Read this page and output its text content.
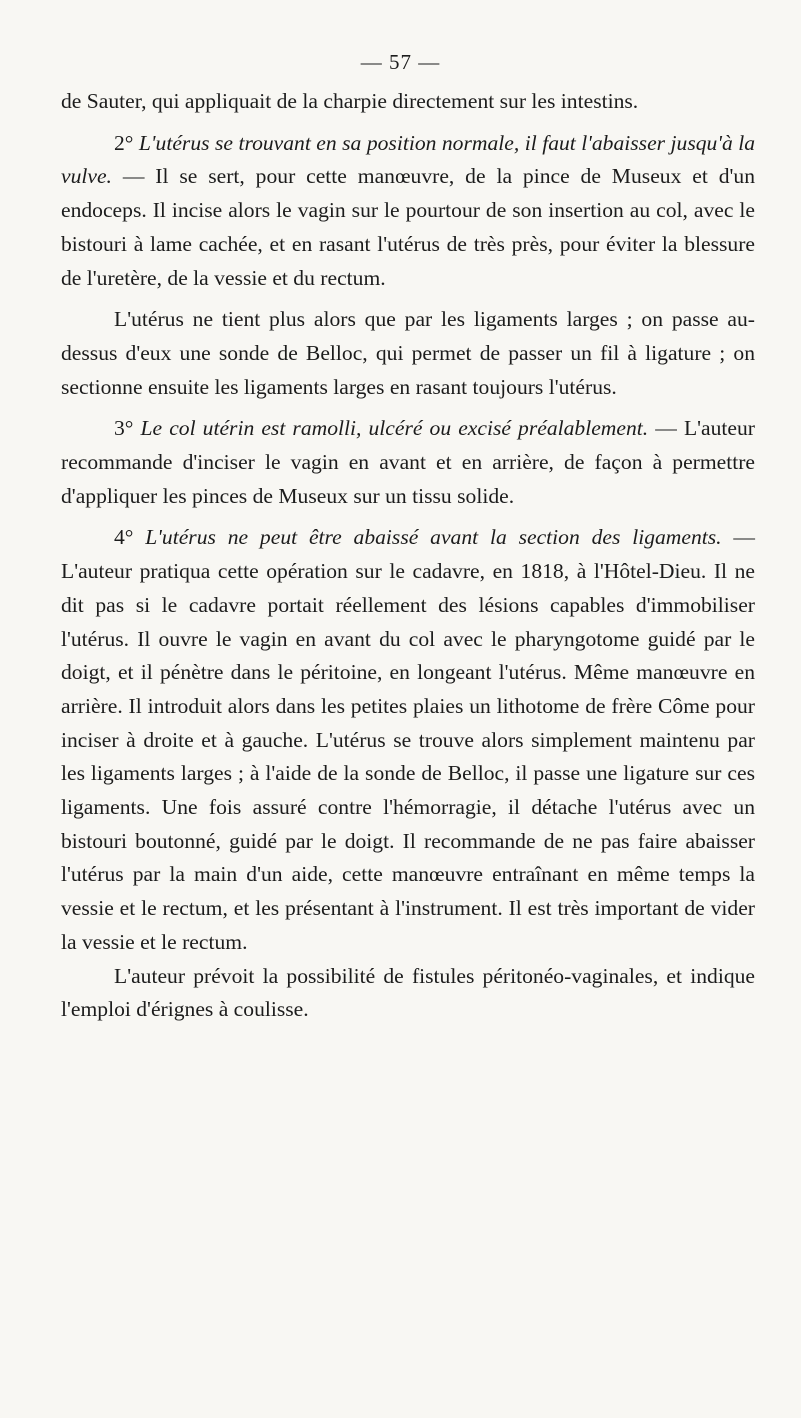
— 57 —

de Sauter, qui appliquait de la charpie directement sur les intestins.

2° L'utérus se trouvant en sa position normale, il faut l'abaisser jusqu'à la vulve. — Il se sert, pour cette manœuvre, de la pince de Museux et d'un endoceps. Il incise alors le vagin sur le pourtour de son insertion au col, avec le bistouri à lame cachée, et en rasant l'utérus de très près, pour éviter la blessure de l'uretère, de la vessie et du rectum.

L'utérus ne tient plus alors que par les ligaments larges ; on passe au-dessus d'eux une sonde de Belloc, qui permet de passer un fil à ligature ; on sectionne ensuite les ligaments larges en rasant toujours l'utérus.

3° Le col utérin est ramolli, ulcéré ou excisé préalablement. — L'auteur recommande d'inciser le vagin en avant et en arrière, de façon à permettre d'appliquer les pinces de Museux sur un tissu solide.

4° L'utérus ne peut être abaissé avant la section des ligaments. — L'auteur pratiqua cette opération sur le cadavre, en 1818, à l'Hôtel-Dieu. Il ne dit pas si le cadavre portait réellement des lésions capables d'immobiliser l'utérus. Il ouvre le vagin en avant du col avec le pharyngotome guidé par le doigt, et il pénètre dans le péritoine, en longeant l'utérus. Même manœuvre en arrière. Il introduit alors dans les petites plaies un lithotome de frère Côme pour inciser à droite et à gauche. L'utérus se trouve alors simplement maintenu par les ligaments larges ; à l'aide de la sonde de Belloc, il passe une ligature sur ces ligaments. Une fois assuré contre l'hémorragie, il détache l'utérus avec un bistouri boutonné, guidé par le doigt. Il recommande de ne pas faire abaisser l'utérus par la main d'un aide, cette manœuvre entraînant en même temps la vessie et le rectum, et les présentant à l'instrument. Il est très important de vider la vessie et le rectum.

L'auteur prévoit la possibilité de fistules péritonéo-vaginales, et indique l'emploi d'érignes à coulisse.
